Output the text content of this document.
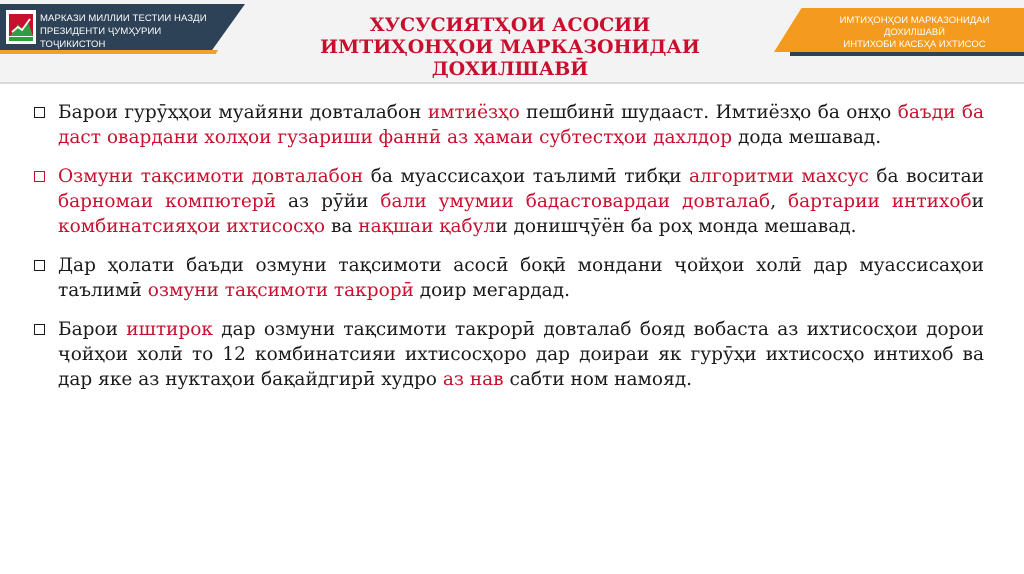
МАРКАЗИ МИЛЛИИ ТЕСТИИ НАЗДИ
ПРЕЗИДЕНТИ ҶУМҲУРИИ ТОҶИКИСТОН
ХУСУСИЯТҲОИ АСОСИИ
ИМТИҲОНҲОИ МАРКАЗОНИДАИ ДОХИЛШАВӢ
ИМТИҲОНҲОИ МАРКАЗОНИДАИ ДОХИЛШАВӢ
ИНТИХОБИ КАСБҲА ИХТИСОС

Барои гурӯҳҳои муайяни довталабон имтиёзҳо пешбинӣ шудааст. Имтиёзҳо ба онҳо баъди ба даст овардани холҳои гузариши фаннӣ аз ҳамаи субтестҳои дахлдор дода мешавад.

Озмуни тақсимоти довталабон ба муассисаҳои таълимӣ тибқи алгоритми махсус ба воситаи барномаи компютерӣ аз рӯйи бали умумии бадастовардаи довталаб, бартарии интихоби комбинатсияҳои ихтисосҳо ва нақшаи қабули донишҷӯён ба роҳ монда мешавад.

Дар ҳолати баъди озмуни тақсимоти асосӣ боқӣ мондани ҷойҳои холӣ дар муассисаҳои таълимӣ озмуни тақсимоти такрорӣ доир мегардад.

Барои иштирок дар озмуни тақсимоти такрорӣ довталаб бояд вобаста аз ихтисосҳои дорои ҷойҳои холӣ то 12 комбинатсияи ихтисосҳоро дар доираи як гурӯҳи ихтисосҳо интихоб ва дар яке аз нуктаҳои бақайдгирӣ худро аз нав сабти ном намояд.
